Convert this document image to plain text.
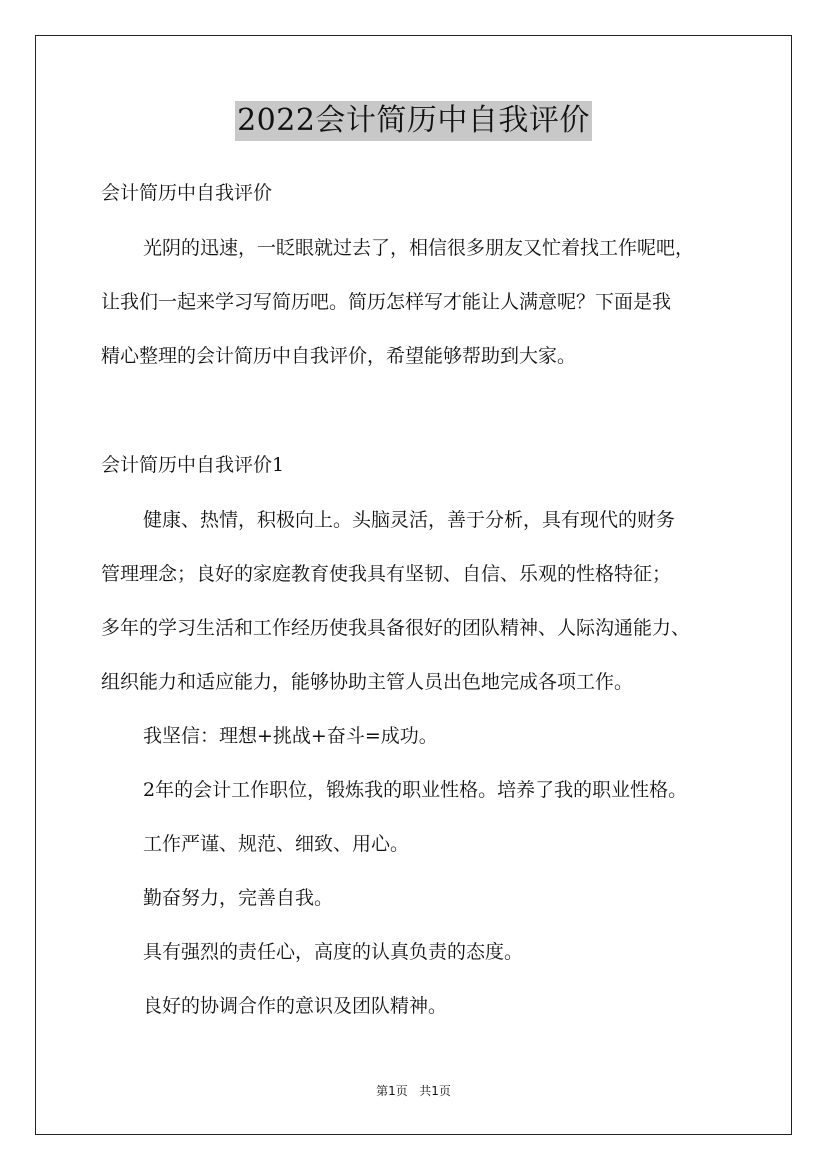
2022会计简历中自我评价
会计简历中自我评价
光阴的迅速，一眨眼就过去了，相信很多朋友又忙着找工作呢吧，
让我们一起来学习写简历吧。简历怎样写才能让人满意呢？下面是我
精心整理的会计简历中自我评价，希望能够帮助到大家。
会计简历中自我评价1
健康、热情，积极向上。头脑灵活，善于分析，具有现代的财务
管理理念；良好的家庭教育使我具有坚韧、自信、乐观的性格特征；
多年的学习生活和工作经历使我具备很好的团队精神、人际沟通能力、
组织能力和适应能力，能够协助主管人员出色地完成各项工作。
我坚信：理想+挑战+奋斗=成功。
2年的会计工作职位，锻炼我的职业性格。培养了我的职业性格。
工作严谨、规范、细致、用心。
勤奋努力，完善自我。
具有强烈的责任心，高度的认真负责的态度。
良好的协调合作的意识及团队精神。
第1页 共1页
